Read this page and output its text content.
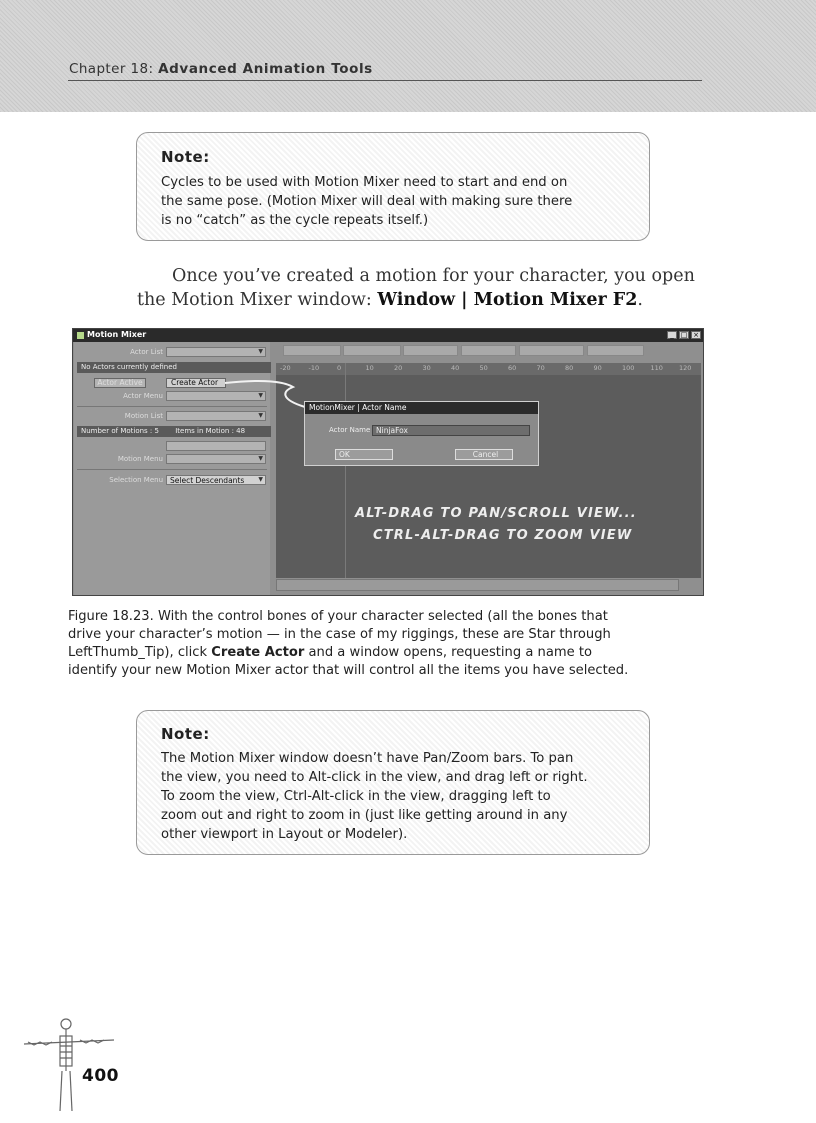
Chapter 18: Advanced Animation Tools
Note:
Cycles to be used with Motion Mixer need to start and end on
the same pose. (Motion Mixer will deal with making sure there
is no “catch” as the cycle repeats itself.)
Once you’ve created a motion for your character, you open the Motion Mixer window: Window | Motion Mixer F2.
Motion Mixer	_ □ ×
Actor List	▼
No Actors currently defined
Actor Active	Create Actor
Actor Menu	▼
Motion List	▼
Number of Motions : 5 Items in Motion : 48
Motion Menu	▼
Selection Menu Select Descendants ▼
-20	-10	0	10	20	30	40	50	60	70	80	90	100 110 120
MotionMixer | Actor Name
Actor Name NinjaFox
OK	Cancel
ALT-DRAG TO PAN/SCROLL VIEW...
CTRL-ALT-DRAG TO ZOOM VIEW
Figure 18.23. With the control bones of your character selected (all the bones that
drive your character’s motion — in the case of my riggings, these are Star through
LeftThumb_Tip), click Create Actor and a window opens, requesting a name to
identify your new Motion Mixer actor that will control all the items you have selected.
Note:
The Motion Mixer window doesn’t have Pan/Zoom bars. To pan
the view, you need to Alt-click in the view, and drag left or right.
To zoom the view, Ctrl-Alt-click in the view, dragging left to
zoom out and right to zoom in (just like getting around in any
other viewport in Layout or Modeler).
400
